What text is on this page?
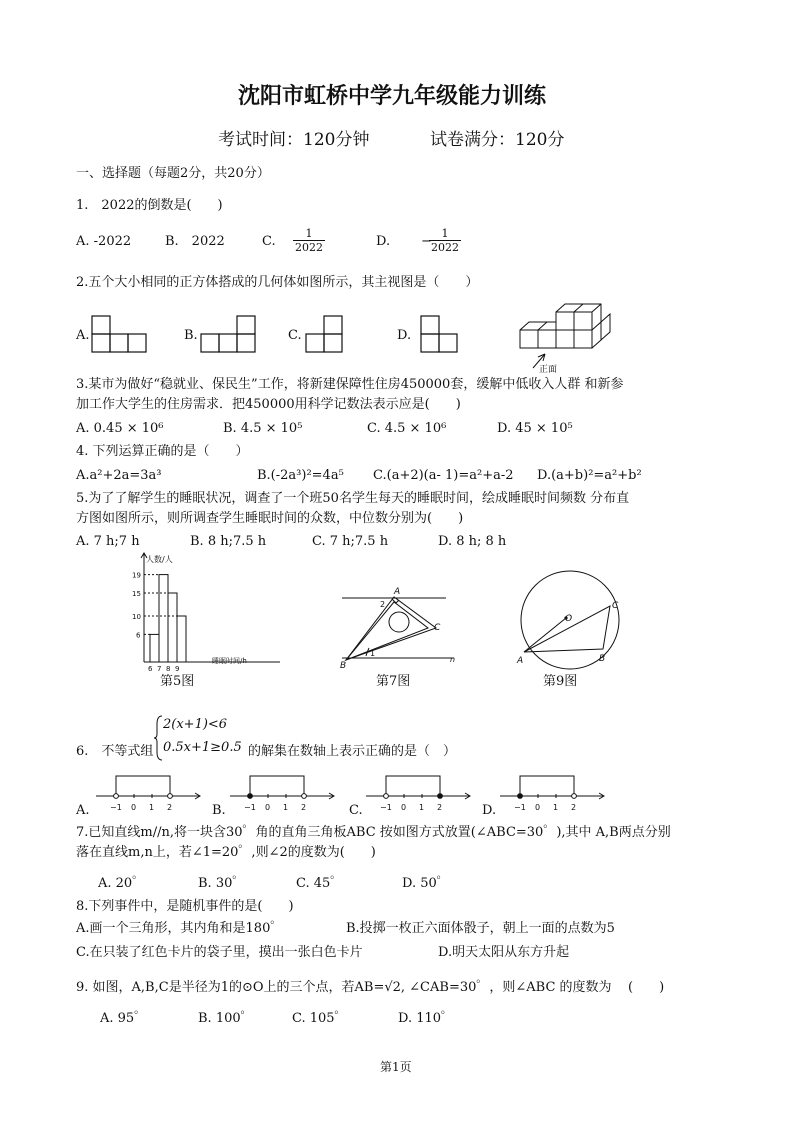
沈阳市虹桥中学九年级能力训练
考试时间：120分钟	试卷满分：120分
一、选择题（每题2分，共20分）
1.　2022的倒数是(　　)
A. -2022	B.　2022	C. $\frac{1}{2022}$	D. −
$\frac{1}{2022}$
2.五个大小相同的正方体搭成的几何体如图所示，其主视图是（　　）
A.	B.	C.	D.
正面
3.某市为做好“稳就业、保民生”工作，将新建保障性住房450000套，缓解中低收入人群 和新参
加工作大学生的住房需求．把450000用科学记数法表示应是(　　)
A. 0.45 × 10⁶	B. 4.5 × 10⁵	C. 4.5 × 10⁶	D. 45 × 10⁵
4. 下列运算正确的是（　　）
A.a²+2a=3a³	B.(-2a³)²=4a⁵ C.(a+2)(a- 1)=a²+a-2 D.(a+b)²=a²+b²
5.为了了解学生的睡眠状况，调查了一个班50名学生每天的睡眠时间，绘成睡眠时间频数 分布直
方图如图所示，则所调查学生睡眠时间的众数，中位数分别为(　　)
A. 7 h;7 h	B. 8 h;7.5 h	C. 7 h;7.5 h	D. 8 h; 8 h
6 7 8 9
19
15
10
6
人数/人
睡眠时间/h
第5图
A
2
C
B
1
n
第7图
O
C
A	B
第9图
6.　不等式组
2(x+1)<6
0.5x+1≥0.5 的解集在数轴上表示正确的是（　）
A.	−1 0 1 2	B. −1 0 1 2	C. −1 0 1 2	D. −1 0 1 2
7.已知直线m//n,将一块含30゜角的直角三角板ABC 按如图方式放置(∠ABC=30゜),其中 A,B两点分别
落在直线m,n上，若∠1=20゜,则∠2的度数为(　　)
A. 20゜	B. 30゜	C. 45゜	D. 50゜
8.下列事件中，是随机事件的是(　　)
A.画一个三角形，其内角和是180゜	B.投掷一枚正六面体骰子，朝上一面的点数为5
C.在只装了红色卡片的袋子里，摸出一张白色卡片	D.明天太阳从东方升起
9. 如图，A,B,C是半径为1的⊙O上的三个点，若AB=√2, ∠CAB=30゜，则∠ABC 的度数为 (　　)
A. 95゜	B. 100゜	C. 105゜	D. 110゜
第1页
